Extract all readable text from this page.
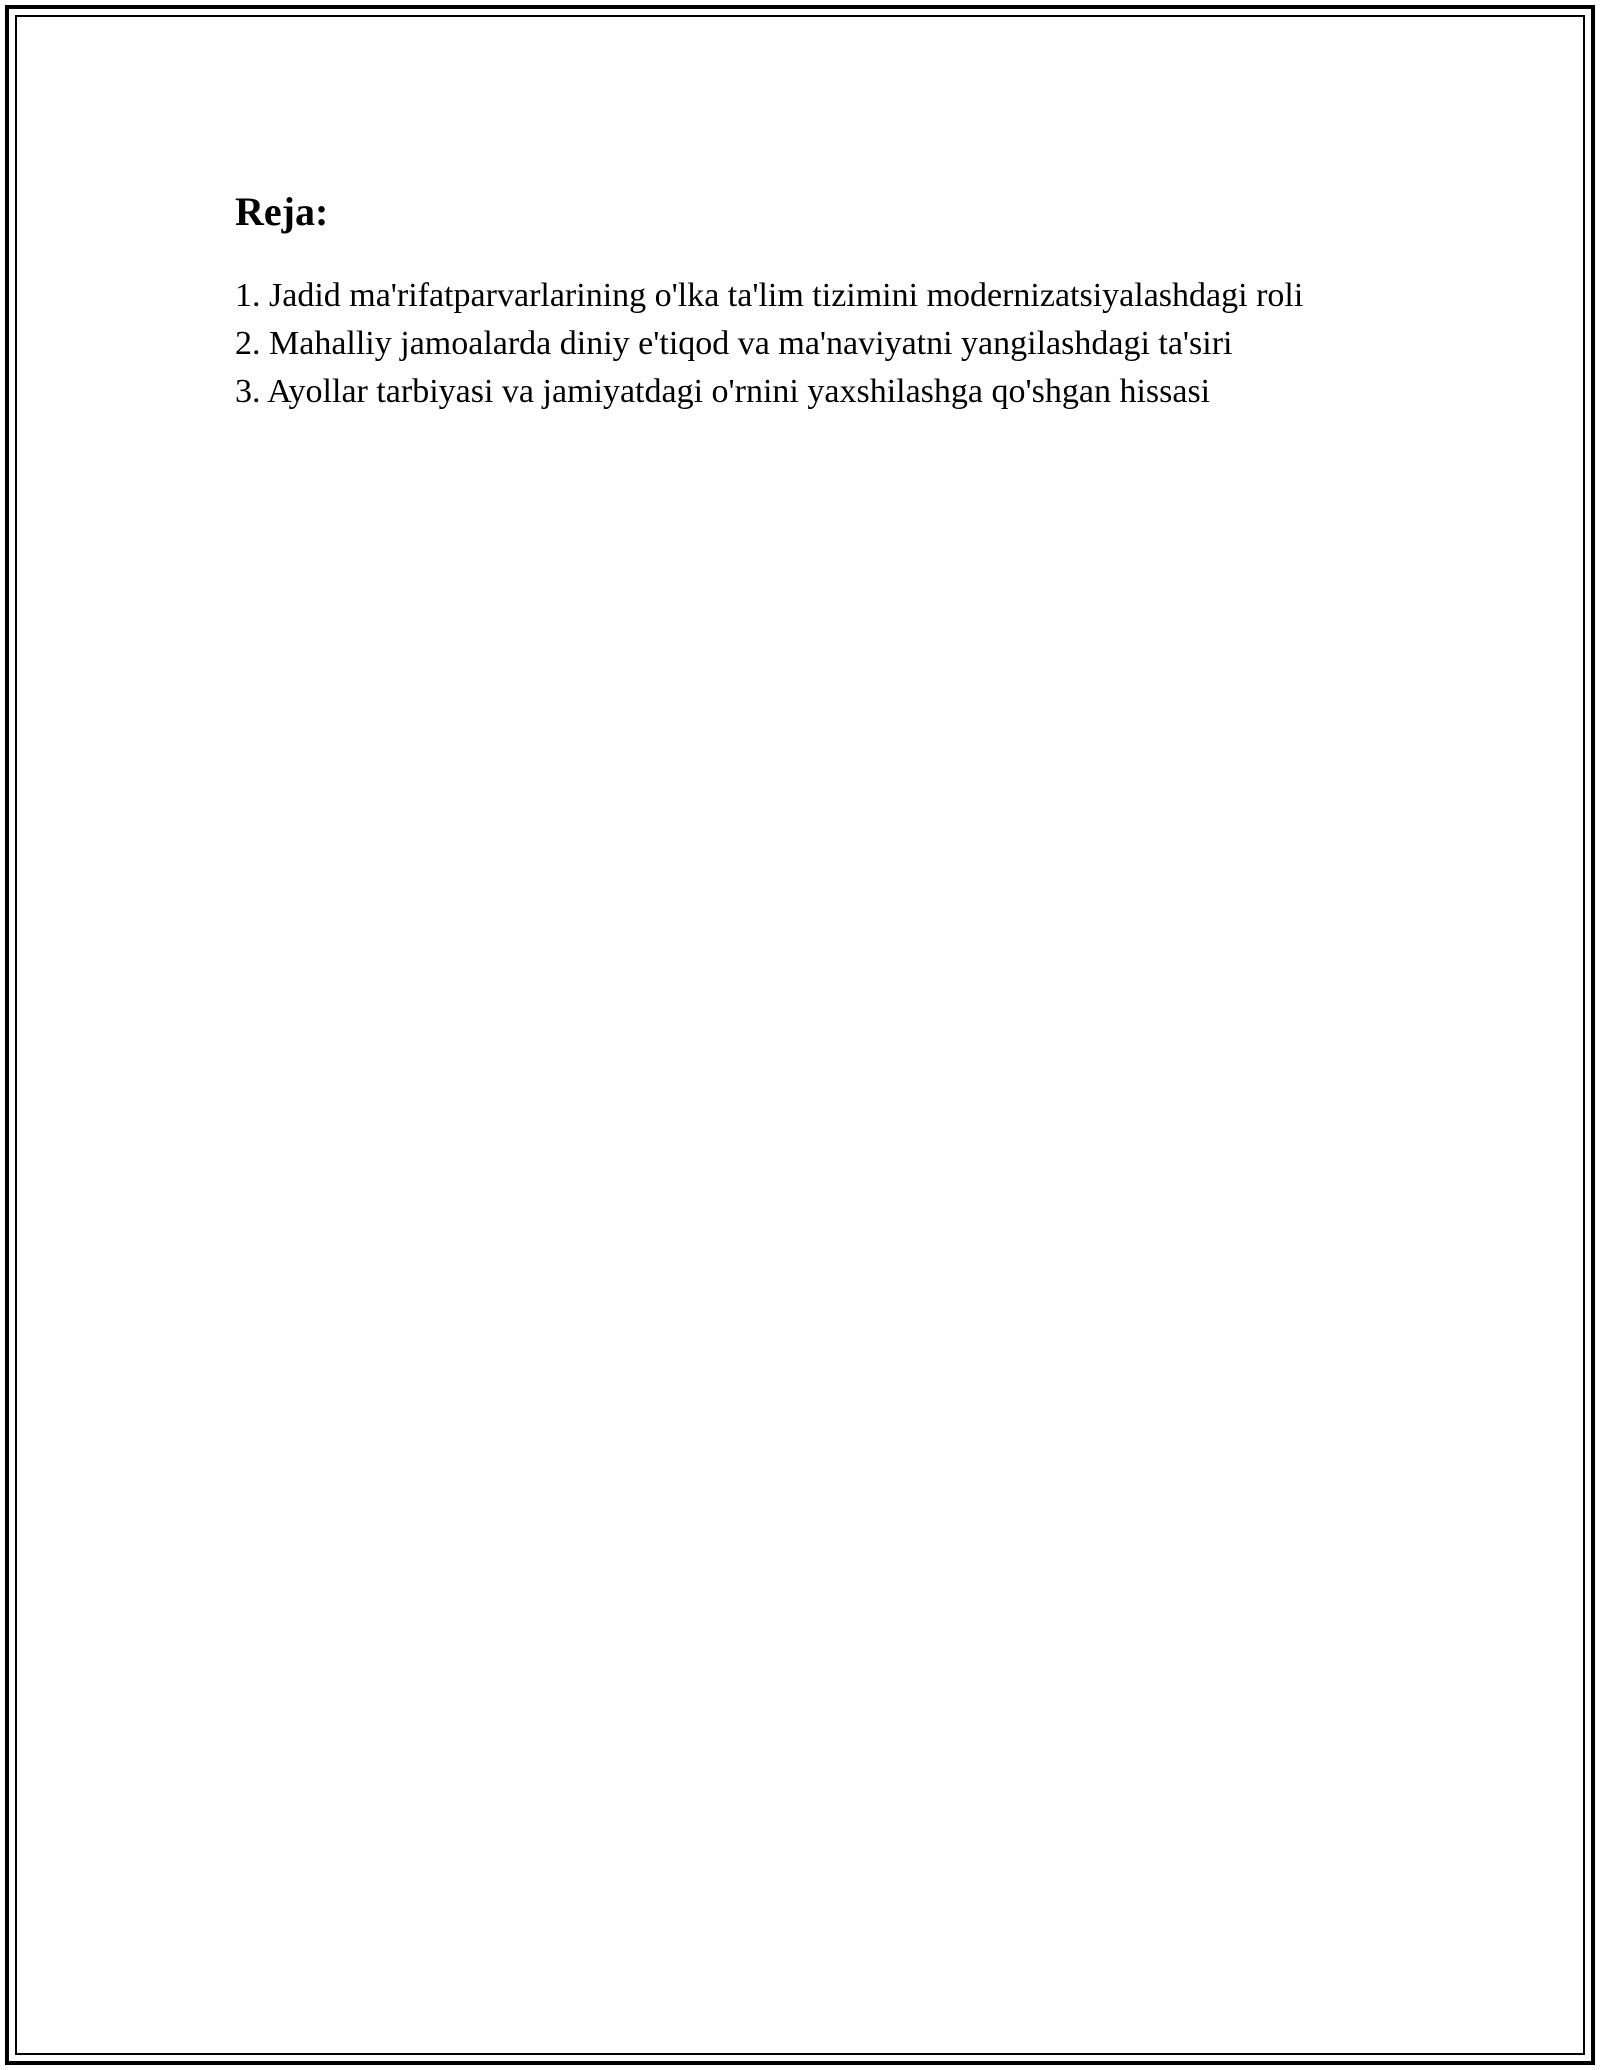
Reja:
1. Jadid ma'rifatparvarlarining o'lka ta'lim tizimini modernizatsiyalashdagi roli
2. Mahalliy jamoalarda diniy e'tiqod va ma'naviyatni yangilashdagi ta'siri
3. Ayollar tarbiyasi va jamiyatdagi o'rnini yaxshilashga qo'shgan hissasi
